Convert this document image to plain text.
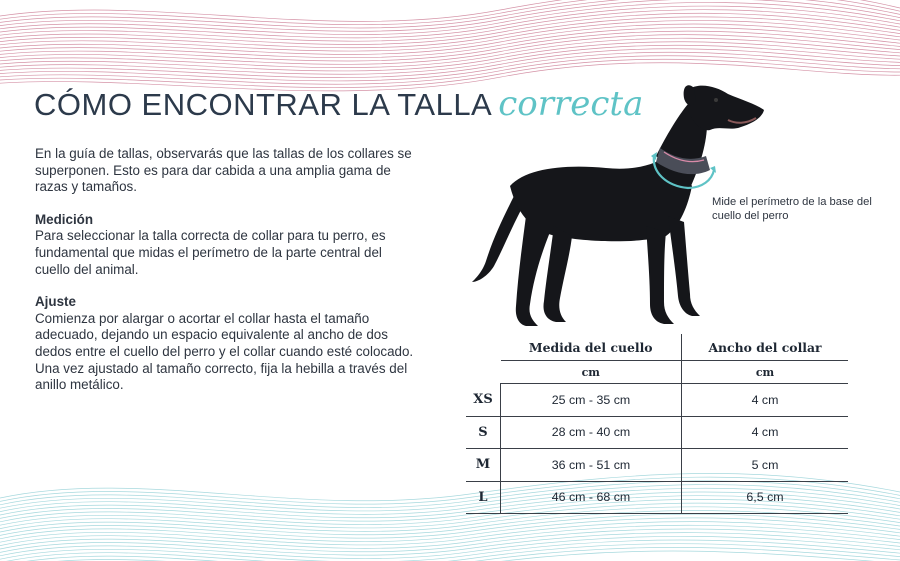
CÓMO ENCONTRAR LA TALLA correcta

En la guía de tallas, observarás que las tallas de los collares se superponen. Esto es para dar cabida a una amplia gama de razas y tamaños.

Medición

Para seleccionar la talla correcta de collar para tu perro, es fundamental que midas el perímetro de la parte central del cuello del animal.

Ajuste

Comienza por alargar o acortar el collar hasta el tamaño adecuado, dejando un espacio equivalente al ancho de dos dedos entre el cuello del perro y el collar cuando esté colocado. Una vez ajustado al tamaño correcto, fija la hebilla a través del anillo metálico.

Mide el perímetro de la base del cuello del perro
	Medida del cuello	Ancho del collar
	cm	cm
XS	25 cm - 35 cm	4 cm
S	28 cm - 40 cm	4 cm
M	36 cm - 51 cm	5 cm
L	46 cm - 68 cm	6,5 cm
